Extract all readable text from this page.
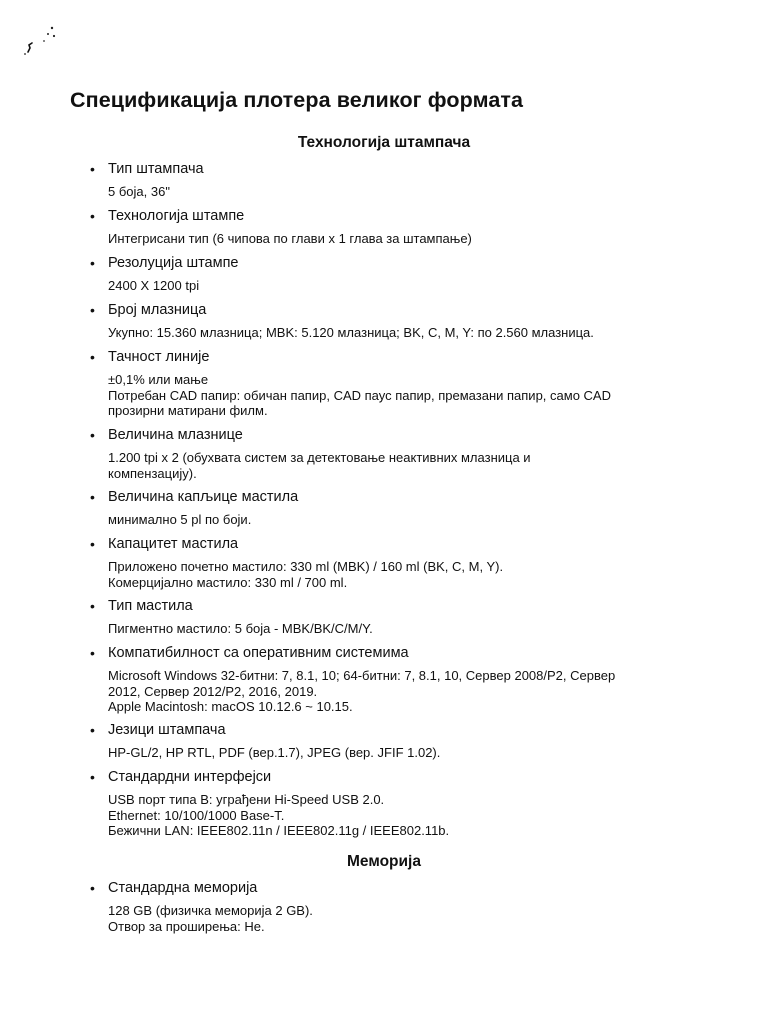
Спецификација плотера великог формата
Технологија штампача
• Тип штампача
5 боја, 36"
• Технологија штампе
Интегрисани тип (6 чипова по глави x 1 глава за штампање)
• Резолуција штампе
2400 X 1200 tpi
• Број млазница
Укупно: 15.360 млазница; MBK: 5.120 млазница; BK, C, M, Y: по 2.560 млазница.
• Тачност линије
±0,1% или мање
Потребан CAD папир: обичан папир, CAD паус папир, премазани папир, само CAD
прозирни матирани филм.
• Величина млазнице
1.200 tpi x 2 (обухвата систем за детектовање неактивних млазница и
компензацију).
• Величина капљице мастила
минимално 5 pl по боји.
• Капацитет мастила
Приложено почетно мастило: 330 ml (MBK) / 160 ml (BK, C, M, Y).
Комерцијално мастило: 330 ml / 700 ml.
• Тип мастила
Пигментно мастило: 5 боја - MBK/BK/C/M/Y.
• Компатибилност са оперативним системима
Microsoft Windows 32-битни: 7, 8.1, 10; 64-битни: 7, 8.1, 10, Сервер 2008/P2, Сервер
2012, Сервер 2012/P2, 2016, 2019.
Apple Macintosh: macOS 10.12.6 ~ 10.15.
• Језици штампача
HP-GL/2, HP RTL, PDF (вер.1.7), JPEG (вер. JFIF 1.02).
• Стандардни интерфејси
USB порт типа B: уграђени Hi-Speed USB 2.0.
Ethernet: 10/100/1000 Base-T.
Бежични LAN: IEEE802.11n / IEEE802.11g / IEEE802.11b.
Меморија
• Стандардна меморија
128 GB (физичка меморија 2 GB).
Отвор за проширења: Не.
